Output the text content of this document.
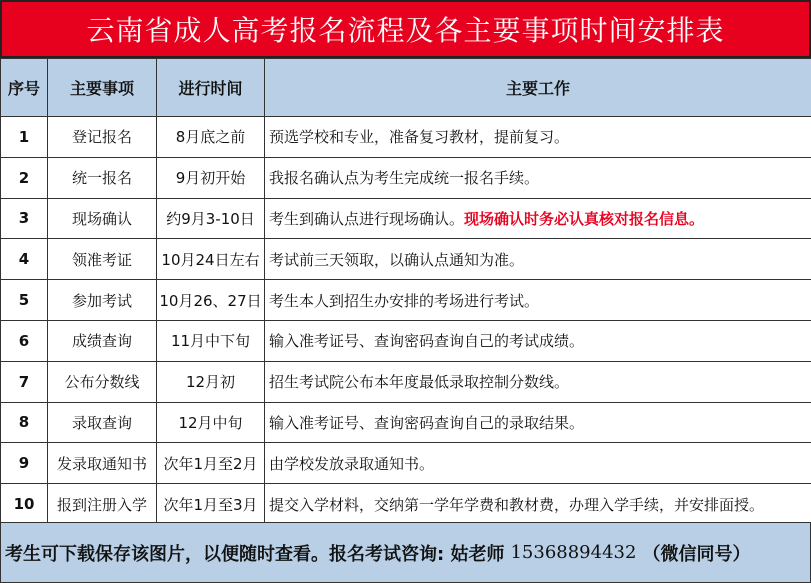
云南省成人高考报名流程及各主要事项时间安排表
序号	主要事项	进行时间	主要工作
1	登记报名	8月底之前	预选学校和专业，准备复习教材，提前复习。
2	统一报名	9月初开始	我报名确认点为考生完成统一报名手续。
3	现场确认	约9月3-10日	考生到确认点进行现场确认。现场确认时务必认真核对报名信息。
4	领准考证	10月24日左右	考试前三天领取，以确认点通知为准。
5	参加考试	10月26、27日	考生本人到招生办安排的考场进行考试。
6	成绩查询	11月中下旬	输入准考证号、查询密码查询自己的考试成绩。
7	公布分数线	12月初	招生考试院公布本年度最低录取控制分数线。
8	录取查询	12月中旬	输入准考证号、查询密码查询自己的录取结果。
9	发录取通知书	次年1月至2月	由学校发放录取通知书。
10	报到注册入学	次年1月至3月	提交入学材料，交纳第一学年学费和教材费，办理入学手续，并安排面授。
考生可下载保存该图片，以便随时查看。报名考试咨询: 姑老师 15368894432 （微信同号）
